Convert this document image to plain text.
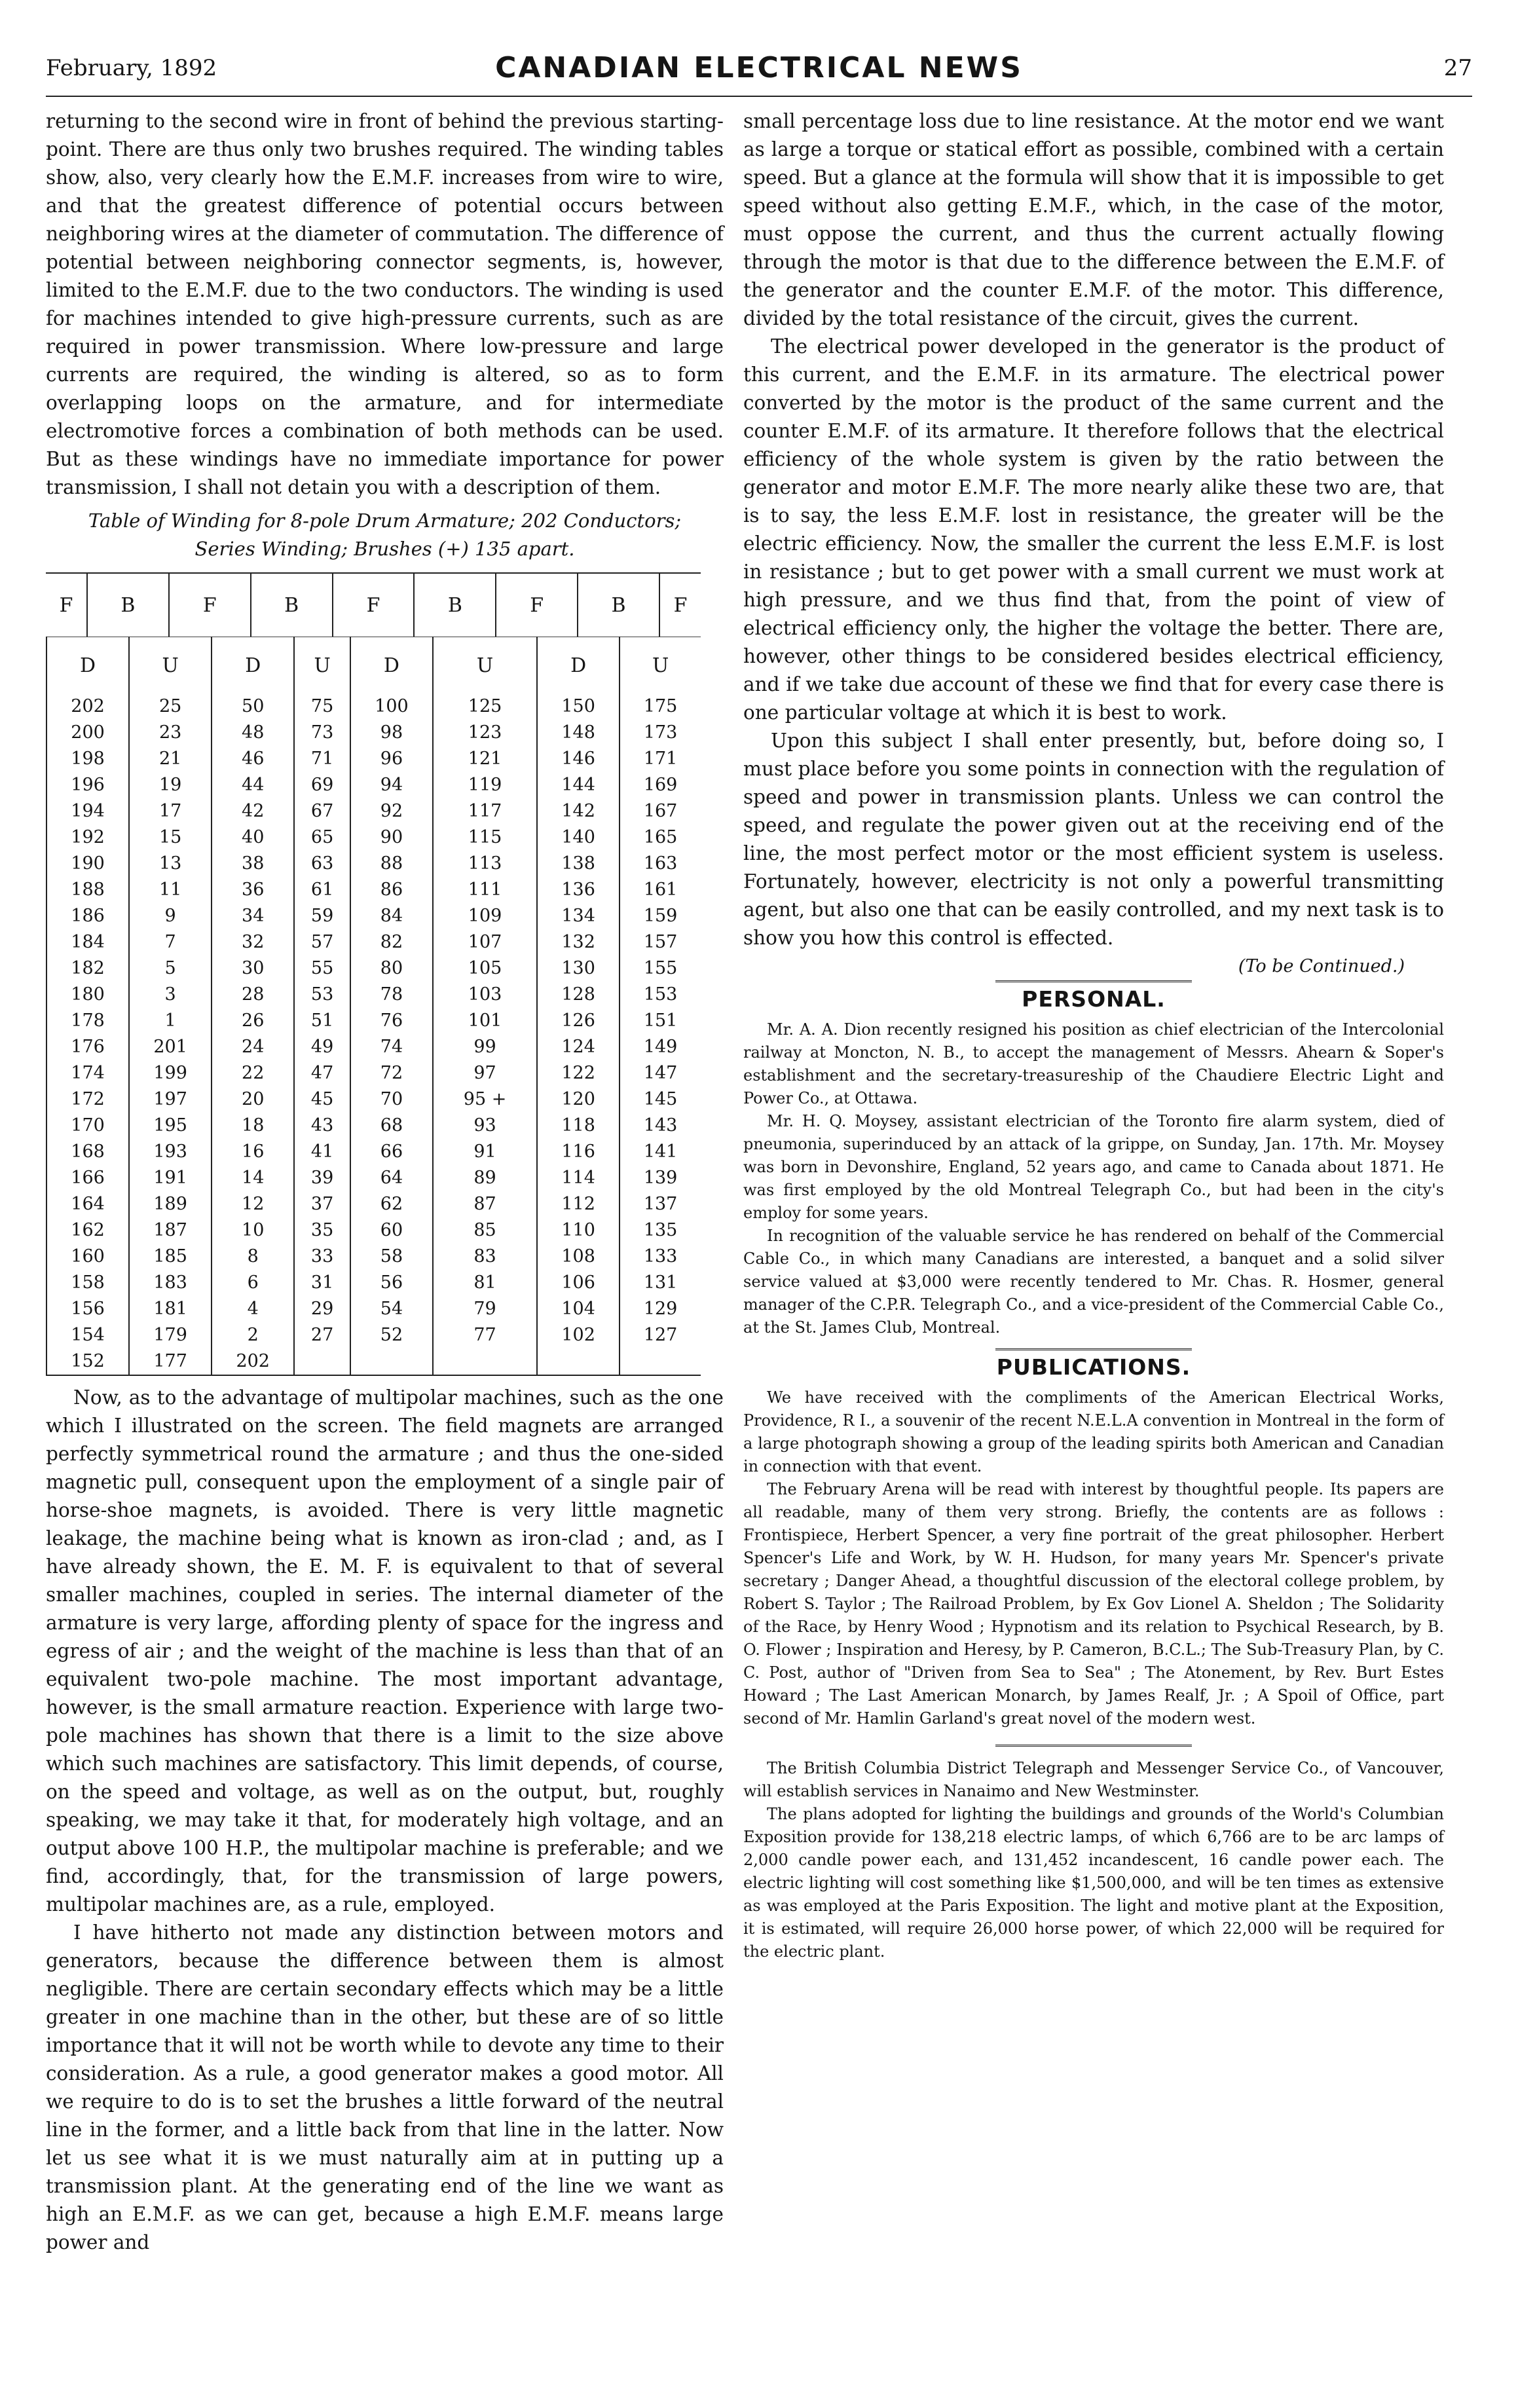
February, 1892	CANADIAN ELECTRICAL NEWS	27

returning to the second wire in front of behind the previous starting-point. There are thus only two brushes required. The winding tables show, also, very clearly how the E.M.F. increases from wire to wire, and that the greatest difference of potential occurs between neighboring wires at the diameter of commutation. The difference of potential between neighboring connector segments, is, however, limited to the E.M.F. due to the two conductors. The winding is used for machines intended to give high-pressure currents, such as are required in power transmission. Where low-pressure and large currents are required, the winding is altered, so as to form overlapping loops on the armature, and for intermediate electromotive forces a combination of both methods can be used. But as these windings have no immediate importance for power transmission, I shall not detain you with a description of them.

Table of Winding for 8-pole Drum Armature; 202 Conductors;
Series Winding; Brushes (+) 135 apart.
F	B	F	B	F	B	F	B	F
D	U	D	U	D	U	D	U
202	25	50	75	100	125	150	175
200	23	48	73	98	123	148	173
198	21	46	71	96	121	146	171
196	19	44	69	94	119	144	169
194	17	42	67	92	117	142	167
192	15	40	65	90	115	140	165
190	13	38	63	88	113	138	163
188	11	36	61	86	111	136	161
186	9	34	59	84	109	134	159
184	7	32	57	82	107	132	157
182	5	30	55	80	105	130	155
180	3	28	53	78	103	128	153
178	1	26	51	76	101	126	151
176	201	24	49	74	99	124	149
174	199	22	47	72	97	122	147
172	197	20	45	70	95 +	120	145
170	195	18	43	68	93	118	143
168	193	16	41	66	91	116	141
166	191	14	39	64	89	114	139
164	189	12	37	62	87	112	137
162	187	10	35	60	85	110	135
160	185	8	33	58	83	108	133
158	183	6	31	56	81	106	131
156	181	4	29	54	79	104	129
154	179	2	27	52	77	102	127
152	177	202					

Now, as to the advantage of multipolar machines, such as the one which I illustrated on the screen. The field magnets are arranged perfectly symmetrical round the armature ; and thus the one-sided magnetic pull, consequent upon the employment of a single pair of horse-shoe magnets, is avoided. There is very little magnetic leakage, the machine being what is known as iron-clad ; and, as I have already shown, the E. M. F. is equivalent to that of several smaller machines, coupled in series. The internal diameter of the armature is very large, affording plenty of space for the ingress and egress of air ; and the weight of the machine is less than that of an equivalent two-pole machine. The most important advantage, however, is the small armature reaction. Experience with large two-pole machines has shown that there is a limit to the size above which such machines are satisfactory. This limit depends, of course, on the speed and voltage, as well as on the output, but, roughly speaking, we may take it that, for moderately high voltage, and an output above 100 H.P., the multipolar machine is preferable; and we find, accordingly, that, for the transmission of large powers, multipolar machines are, as a rule, employed.

I have hitherto not made any distinction between motors and generators, because the difference between them is almost negligible. There are certain secondary effects which may be a little greater in one machine than in the other, but these are of so little importance that it will not be worth while to devote any time to their consideration. As a rule, a good generator makes a good motor. All we require to do is to set the brushes a little forward of the neutral line in the former, and a little back from that line in the latter. Now let us see what it is we must naturally aim at in putting up a transmission plant. At the generating end of the line we want as high an E.M.F. as we can get, because a high E.M.F. means large power and

small percentage loss due to line resistance. At the motor end we want as large a torque or statical effort as possible, combined with a certain speed. But a glance at the formula will show that it is impossible to get speed without also getting E.M.F., which, in the case of the motor, must oppose the current, and thus the current actually flowing through the motor is that due to the difference between the E.M.F. of the generator and the counter E.M.F. of the motor. This difference, divided by the total resistance of the circuit, gives the current.

The electrical power developed in the generator is the product of this current, and the E.M.F. in its armature. The electrical power converted by the motor is the product of the same current and the counter E.M.F. of its armature. It therefore follows that the electrical efficiency of the whole system is given by the ratio between the generator and motor E.M.F. The more nearly alike these two are, that is to say, the less E.M.F. lost in resistance, the greater will be the electric efficiency. Now, the smaller the current the less E.M.F. is lost in resistance ; but to get power with a small current we must work at high pressure, and we thus find that, from the point of view of electrical efficiency only, the higher the voltage the better. There are, however, other things to be considered besides electrical efficiency, and if we take due account of these we find that for every case there is one particular voltage at which it is best to work.

Upon this subject I shall enter presently, but, before doing so, I must place before you some points in connection with the regulation of speed and power in transmission plants. Unless we can control the speed, and regulate the power given out at the receiving end of the line, the most perfect motor or the most efficient system is useless. Fortunately, however, electricity is not only a powerful transmitting agent, but also one that can be easily controlled, and my next task is to show you how this control is effected.

(To be Continued.)
PERSONAL.

Mr. A. A. Dion recently resigned his position as chief electrician of the Intercolonial railway at Moncton, N. B., to accept the management of Messrs. Ahearn & Soper's establishment and the secretary-treasureship of the Chaudiere Electric Light and Power Co., at Ottawa.

Mr. H. Q. Moysey, assistant electrician of the Toronto fire alarm system, died of pneumonia, superinduced by an attack of la grippe, on Sunday, Jan. 17th. Mr. Moysey was born in Devonshire, England, 52 years ago, and came to Canada about 1871. He was first employed by the old Montreal Telegraph Co., but had been in the city's employ for some years.

In recognition of the valuable service he has rendered on behalf of the Commercial Cable Co., in which many Canadians are interested, a banquet and a solid silver service valued at $3,000 were recently tendered to Mr. Chas. R. Hosmer, general manager of the C.P.R. Telegraph Co., and a vice-president of the Commercial Cable Co., at the St. James Club, Montreal.

PUBLICATIONS.

We have received with the compliments of the American Electrical Works, Providence, R I., a souvenir of the recent N.E.L.A convention in Montreal in the form of a large photograph showing a group of the leading spirits both American and Canadian in connection with that event.

The February Arena will be read with interest by thoughtful people. Its papers are all readable, many of them very strong. Briefly, the contents are as follows : Frontispiece, Herbert Spencer, a very fine portrait of the great philosopher. Herbert Spencer's Life and Work, by W. H. Hudson, for many years Mr. Spencer's private secretary ; Danger Ahead, a thoughtful discussion of the electoral college problem, by Robert S. Taylor ; The Railroad Problem, by Ex Gov Lionel A. Sheldon ; The Solidarity of the Race, by Henry Wood ; Hypnotism and its relation to Psychical Research, by B. O. Flower ; Inspiration and Heresy, by P. Cameron, B.C.L.; The Sub-Treasury Plan, by C. C. Post, author of "Driven from Sea to Sea" ; The Atonement, by Rev. Burt Estes Howard ; The Last American Monarch, by James Realf, Jr. ; A Spoil of Office, part second of Mr. Hamlin Garland's great novel of the modern west.

The British Columbia District Telegraph and Messenger Service Co., of Vancouver, will establish services in Nanaimo and New Westminster.

The plans adopted for lighting the buildings and grounds of the World's Columbian Exposition provide for 138,218 electric lamps, of which 6,766 are to be arc lamps of 2,000 candle power each, and 131,452 incandescent, 16 candle power each. The electric lighting will cost something like $1,500,000, and will be ten times as extensive as was employed at the Paris Exposition. The light and motive plant at the Exposition, it is estimated, will require 26,000 horse power, of which 22,000 will be required for the electric plant.
